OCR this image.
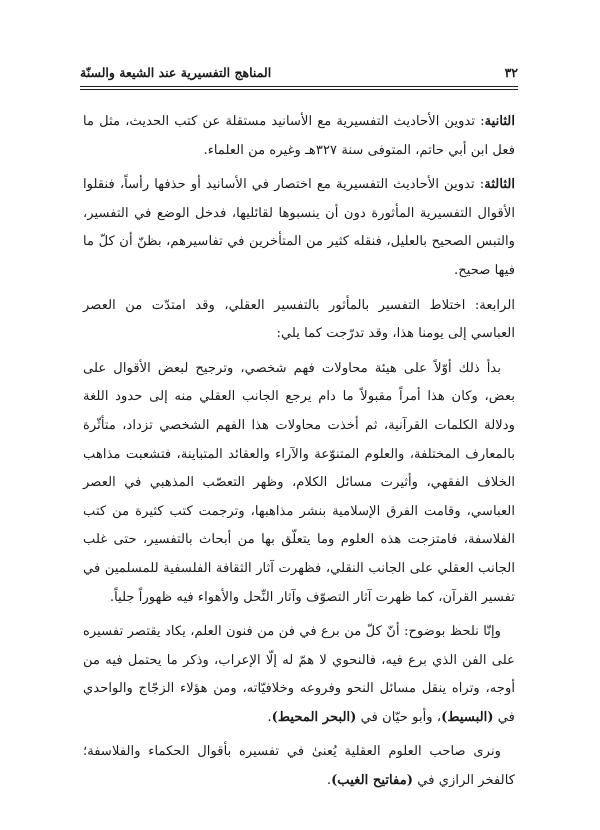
٣٢
المناهج التفسيرية عند الشيعة والسنّة

الثانية: تدوين الأحاديث التفسيرية مع الأسانيد مستقلة عن كتب الحديث، مثل ما فعل ابن أبي حاتم، المتوفى سنة ٣٢٧هـ وغيره من العلماء.

الثالثة: تدوين الأحاديث التفسيرية مع اختصار في الأسانيد أو حذفها رأساً، فنقلوا الأقوال التفسيرية المأثورة دون أن ينسبوها لقائليها، فدخل الوضع في التفسير، والتبس الصحيح بالعليل، فنقله كثير من المتأخرين في تفاسيرهم، بظنّ أن كلّ ما فيها صحيح.

الرابعة: اختلاط التفسير بالمأثور بالتفسير العقلي، وقد امتدّت من العصر العباسي إلى يومنا هذا، وقد تدرّجت كما يلي:

بدأ ذلك أوّلاً على هيئة محاولات فهم شخصي، وترجيح لبعض الأقوال على بعض، وكان هذا أمراً مقبولاً ما دام يرجع الجانب العقلي منه إلى حدود اللغة ودلالة الكلمات القرآنية، ثم أخذت محاولات هذا الفهم الشخصي تزداد، متأثّرة بالمعارف المختلفة، والعلوم المتنوّعة والآراء والعقائد المتباينة، فتشعبت مذاهب الخلاف الفقهي، وأثيرت مسائل الكلام، وظهر التعصّب المذهبي في العصر العباسي، وقامت الفرق الإسلامية بنشر مذاهبها، وترجمت كتب كثيرة من كتب الفلاسفة، فامتزجت هذه العلوم وما يتعلّق بها من أبحاث بالتفسير، حتى غلب الجانب العقلي على الجانب النقلي، فظهرت آثار الثقافة الفلسفية للمسلمين في تفسير القرآن، كما ظهرت آثار التصوّف وآثار النِّحل والأهواء فيه ظهوراً جلياً.

وإنّا نلحظ بوضوح: أنّ كلّ من برع في فن من فنون العلم، يكاد يقتصر تفسيره على الفن الذي برع فيه، فالنحوي لا همّ له إلّا الإعراب، وذكر ما يحتمل فيه من أوجه، وتراه ينقل مسائل النحو وفروعه وخلافيّاته، ومن هؤلاء الزجّاج والواحدي في (البسيط)، وأبو حيّان في (البحر المحيط).

ونرى صاحب العلوم العقلية يُعنىٰ في تفسيره بأقوال الحكماء والفلاسفة؛ كالفخر الرازي في (مفاتيح الغيب).
